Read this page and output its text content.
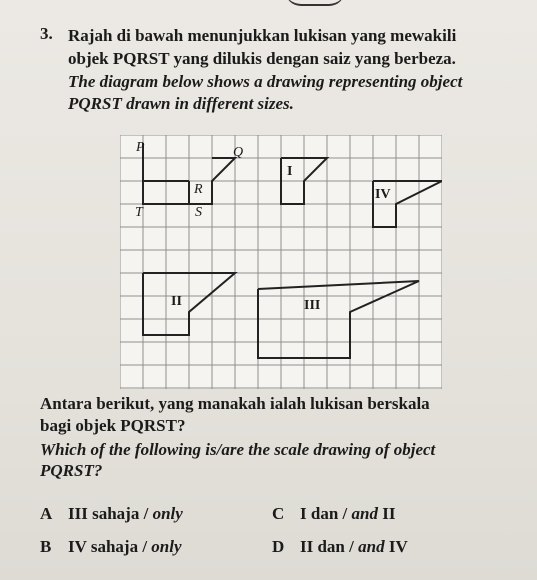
3. Rajah di bawah menunjukkan lukisan yang mewakili
objek PQRST yang dilukis dengan saiz yang berbeza.
The diagram below shows a drawing representing object
PQRST drawn in different sizes.
P	Q
R
S
T
I
IV
II	III
Antara berikut, yang manakah ialah lukisan berskala
bagi objek PQRST?
Which of the following is/are the scale drawing of object
PQRST?
A III sahaja / only	C I dan / and II
B IV sahaja / only	D II dan / and IV
